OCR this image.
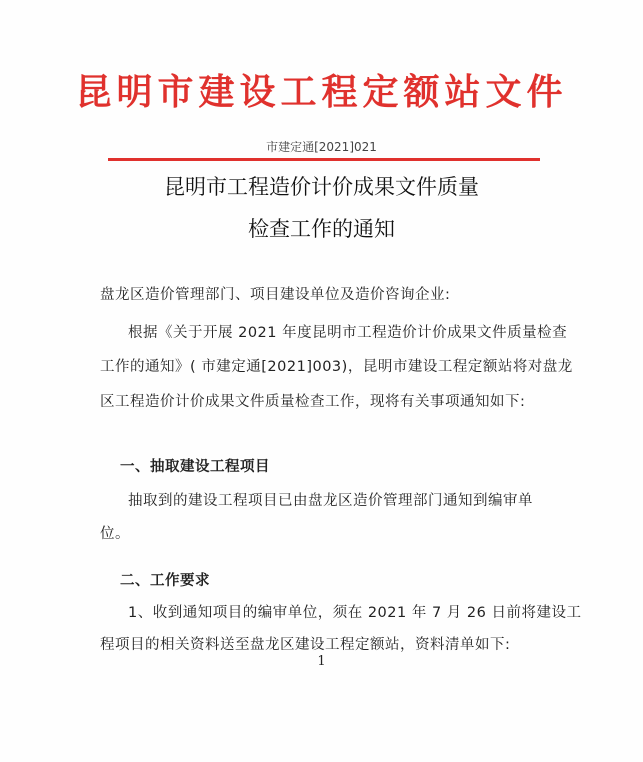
昆明市建设工程定额站文件
市建定通[2021]021
昆明市工程造价计价成果文件质量
检查工作的通知
盘龙区造价管理部门、项目建设单位及造价咨询企业:
根据《关于开展 2021 年度昆明市工程造价计价成果文件质量检查
工作的通知》( 市建定通[2021]003)，昆明市建设工程定额站将对盘龙
区工程造价计价成果文件质量检查工作，现将有关事项通知如下:
一、抽取建设工程项目
抽取到的建设工程项目已由盘龙区造价管理部门通知到编审单
位。
二、工作要求
1、收到通知项目的编审单位，须在 2021 年 7 月 26 日前将建设工
程项目的相关资料送至盘龙区建设工程定额站，资料清单如下:
1
